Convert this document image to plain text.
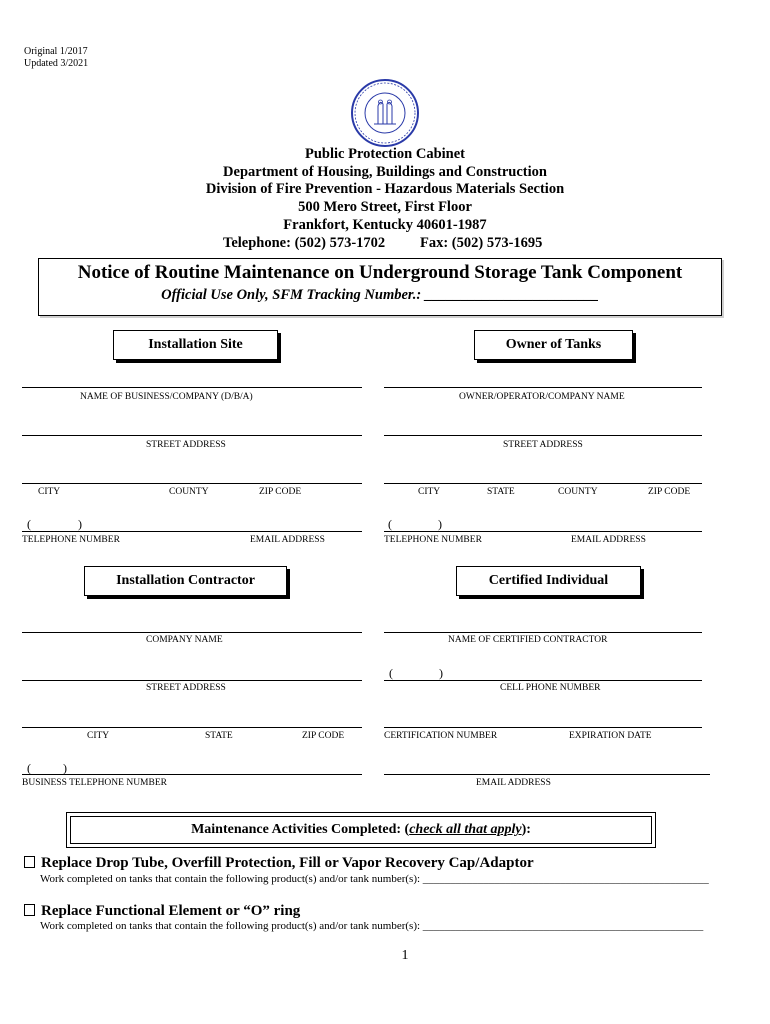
Original 1/2017
Updated 3/2021
Public Protection Cabinet
Department of Housing, Buildings and Construction
Division of Fire Prevention - Hazardous Materials Section
500 Mero Street, First Floor
Frankfort, Kentucky 40601-1987
Telephone: (502) 573-1702 Fax: (502) 573-1695
Notice of Routine Maintenance on Underground Storage Tank Component
Official Use Only, SFM Tracking Number.: ________________________
Installation Site
NAME OF BUSINESS/COMPANY (D/B/A)
STREET ADDRESS
CITY	COUNTY	ZIP CODE
(	)
TELEPHONE NUMBER	EMAIL ADDRESS
Owner of Tanks
OWNER/OPERATOR/COMPANY NAME
STREET ADDRESS
CITY	STATE	COUNTY	ZIP CODE
(	)
TELEPHONE NUMBER	EMAIL ADDRESS
Installation Contractor
COMPANY NAME
STREET ADDRESS
CITY	STATE	ZIP CODE
(	)
BUSINESS TELEPHONE NUMBER
Certified Individual
NAME OF CERTIFIED CONTRACTOR
(	)
CELL PHONE NUMBER
CERTIFICATION NUMBER	EXPIRATION DATE
EMAIL ADDRESS
Maintenance Activities Completed: (check all that apply):
Replace Drop Tube, Overfill Protection, Fill or Vapor Recovery Cap/Adaptor
Work completed on tanks that contain the following product(s) and/or tank number(s): ____________________________________________________
Replace Functional Element or “O” ring
Work completed on tanks that contain the following product(s) and/or tank number(s): ___________________________________________________
1
